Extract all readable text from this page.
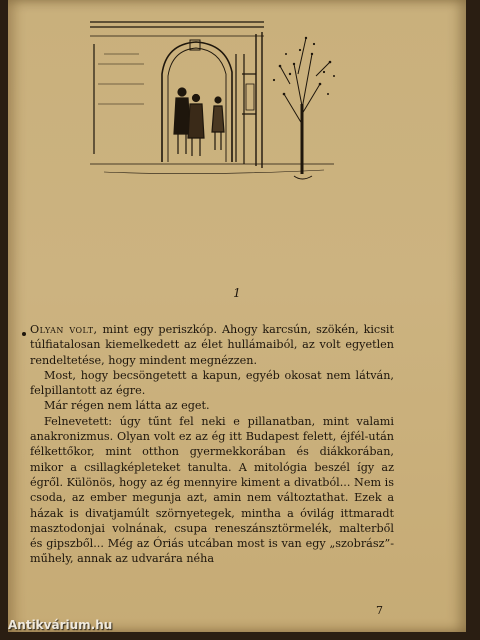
1

Olyan volt, mint egy periszkóp. Ahogy karcsún, szökén, kicsit túlfiatalosan kiemelkedett az élet hullámaiból, az volt egyetlen rendeltetése, hogy mindent megnézzen.

Most, hogy becsöngetett a kapun, egyéb okosat nem látván, felpillantott az égre.

Már régen nem látta az eget.

Felnevetett: úgy tűnt fel neki e pillanatban, mint valami anakronizmus. Olyan volt ez az ég itt Budapest felett, éjfél-után félkettőkor, mint otthon gyermekkorában és diákkorában, mikor a csillagképleteket tanulta. A mitológia beszél így az égről. Különös, hogy az ég mennyire kiment a divatból... Nem is csoda, az ember megunja azt, amin nem változtathat. Ezek a házak is divatjamúlt szörnyetegek, mintha a óvilág ittmaradt masztodonjai volnának, csupa reneszánsztörmelék, malterből és gipszből... Még az Óriás utcában most is van egy „szobrász”-műhely, annak az udvarára néha

7
Antikvárium.hu
